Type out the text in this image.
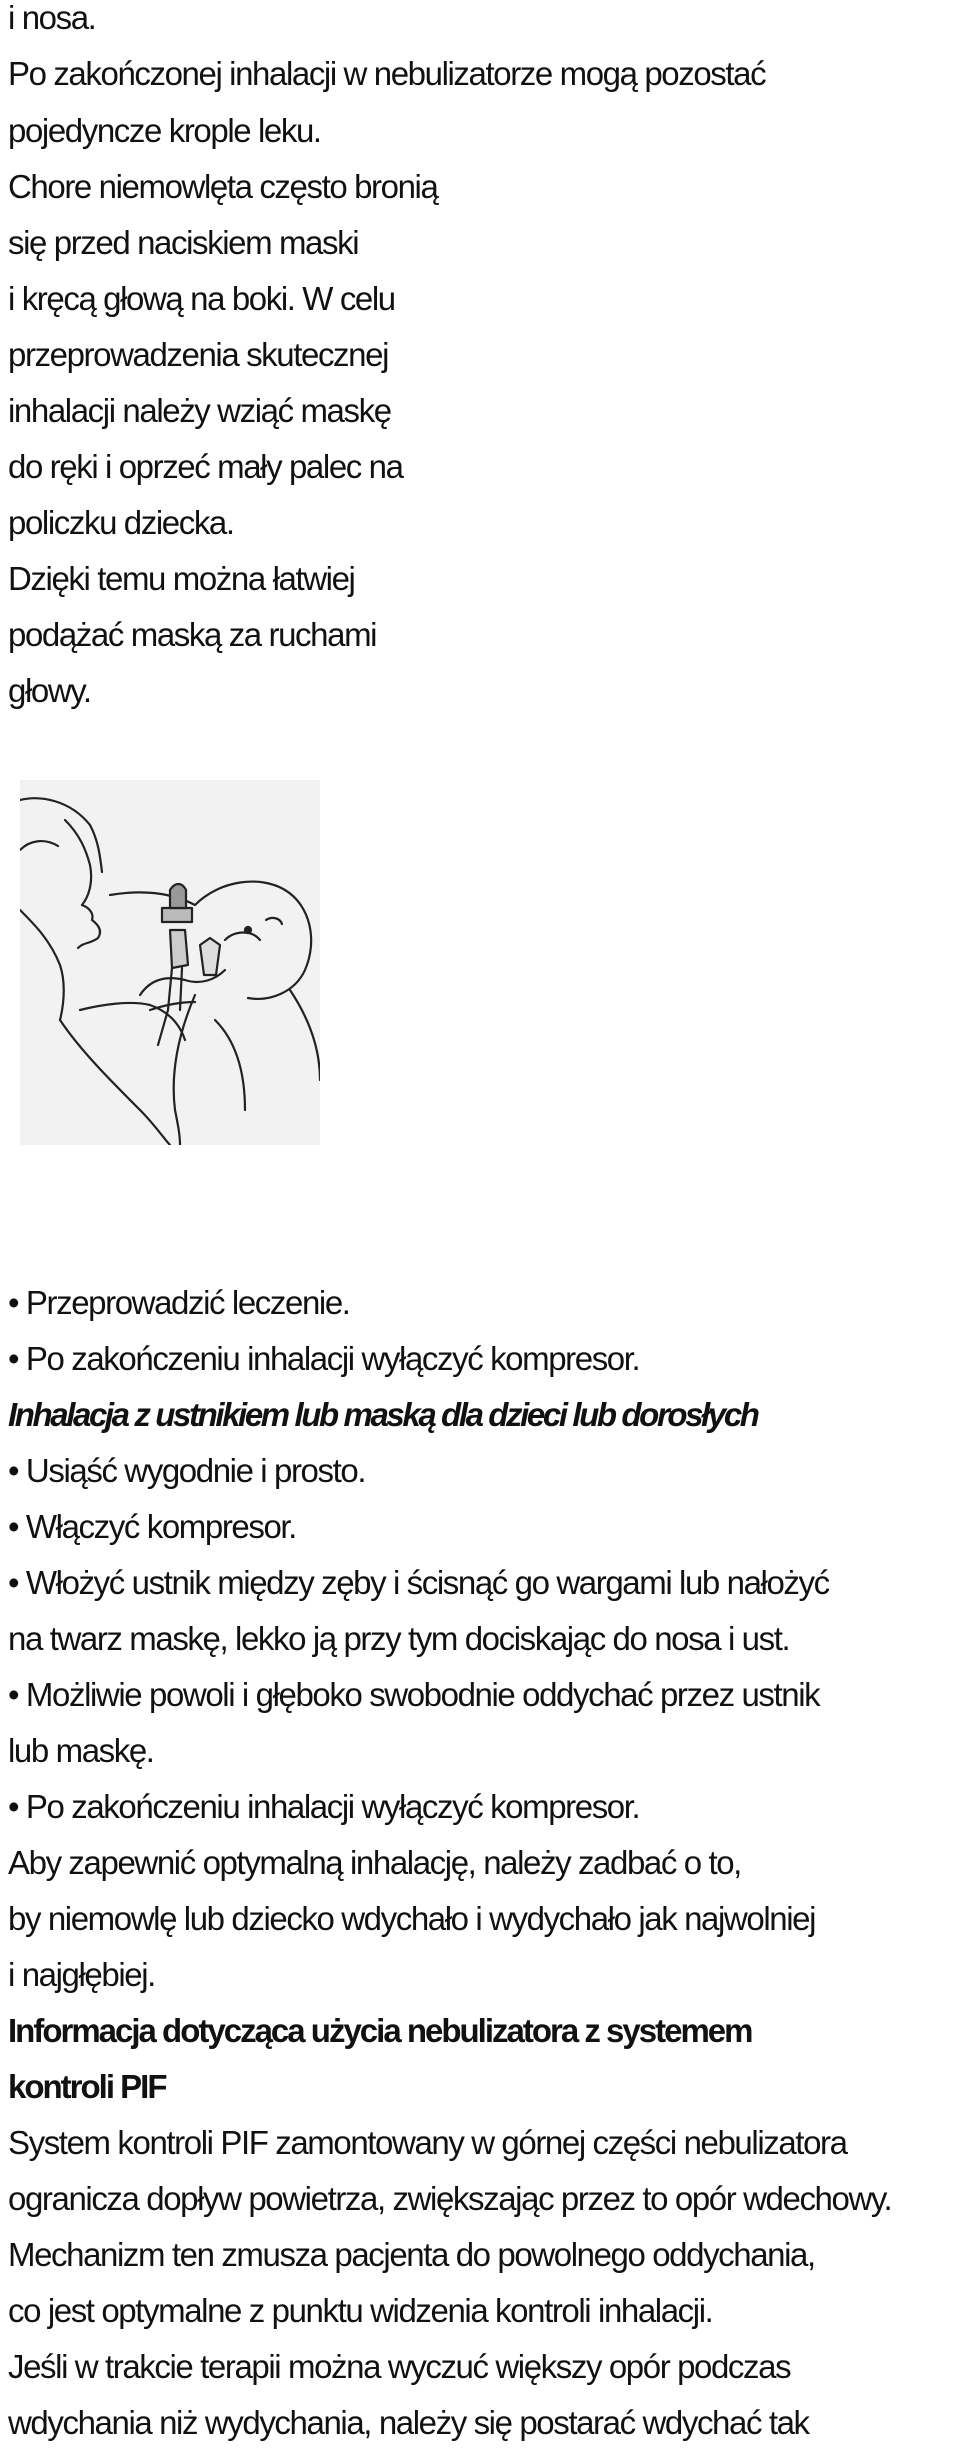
i nosa.
Po zakończonej inhalacji w nebulizatorze mogą pozostać
pojedyncze krople leku.
Chore niemowlęta często bronią
się przed naciskiem maski
i kręcą głową na boki. W celu
przeprowadzenia skutecznej
inhalacji należy wziąć maskę
do ręki i oprzeć mały palec na
policzku dziecka.
Dzięki temu można łatwiej
podążać maską za ruchami
głowy.
• Przeprowadzić leczenie.
• Po zakończeniu inhalacji wyłączyć kompresor.
Inhalacja z ustnikiem lub maską dla dzieci lub dorosłych
• Usiąść wygodnie i prosto.
• Włączyć kompresor.
• Włożyć ustnik między zęby i ścisnąć go wargami lub nałożyć
na twarz maskę, lekko ją przy tym dociskając do nosa i ust.
• Możliwie powoli i głęboko swobodnie oddychać przez ustnik
lub maskę.
• Po zakończeniu inhalacji wyłączyć kompresor.
Aby zapewnić optymalną inhalację, należy zadbać o to,
by niemowlę lub dziecko wdychało i wydychało jak najwolniej
i najgłębiej.
Informacja dotycząca użycia nebulizatora z systemem
kontroli PIF
System kontroli PIF zamontowany w górnej części nebulizatora
ogranicza dopływ powietrza, zwiększając przez to opór wdechowy.
Mechanizm ten zmusza pacjenta do powolnego oddychania,
co jest optymalne z punktu widzenia kontroli inhalacji.
Jeśli w trakcie terapii można wyczuć większy opór podczas
wdychania niż wydychania, należy się postarać wdychać tak
